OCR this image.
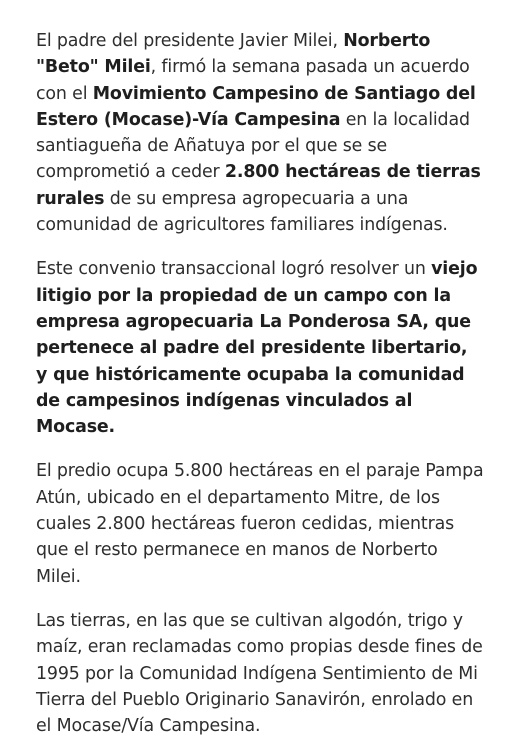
El padre del presidente Javier Milei, Norberto "Beto" Milei, firmó la semana pasada un acuerdo con el Movimiento Campesino de Santiago del Estero (Mocase)-Vía Campesina en la localidad santiagueña de Añatuya por el que se se comprometió a ceder 2.800 hectáreas de tierras rurales de su empresa agropecuaria a una comunidad de agricultores familiares indígenas.

Este convenio transaccional logró resolver un viejo litigio por la propiedad de un campo con la empresa agropecuaria La Ponderosa SA, que pertenece al padre del presidente libertario, y que históricamente ocupaba la comunidad de campesinos indígenas vinculados al Mocase.

El predio ocupa 5.800 hectáreas en el paraje Pampa Atún, ubicado en el departamento Mitre, de los cuales 2.800 hectáreas fueron cedidas, mientras que el resto permanece en manos de Norberto Milei.

Las tierras, en las que se cultivan algodón, trigo y maíz, eran reclamadas como propias desde fines de 1995 por la Comunidad Indígena Sentimiento de Mi Tierra del Pueblo Originario Sanavirón, enrolado en el Mocase/Vía Campesina.
